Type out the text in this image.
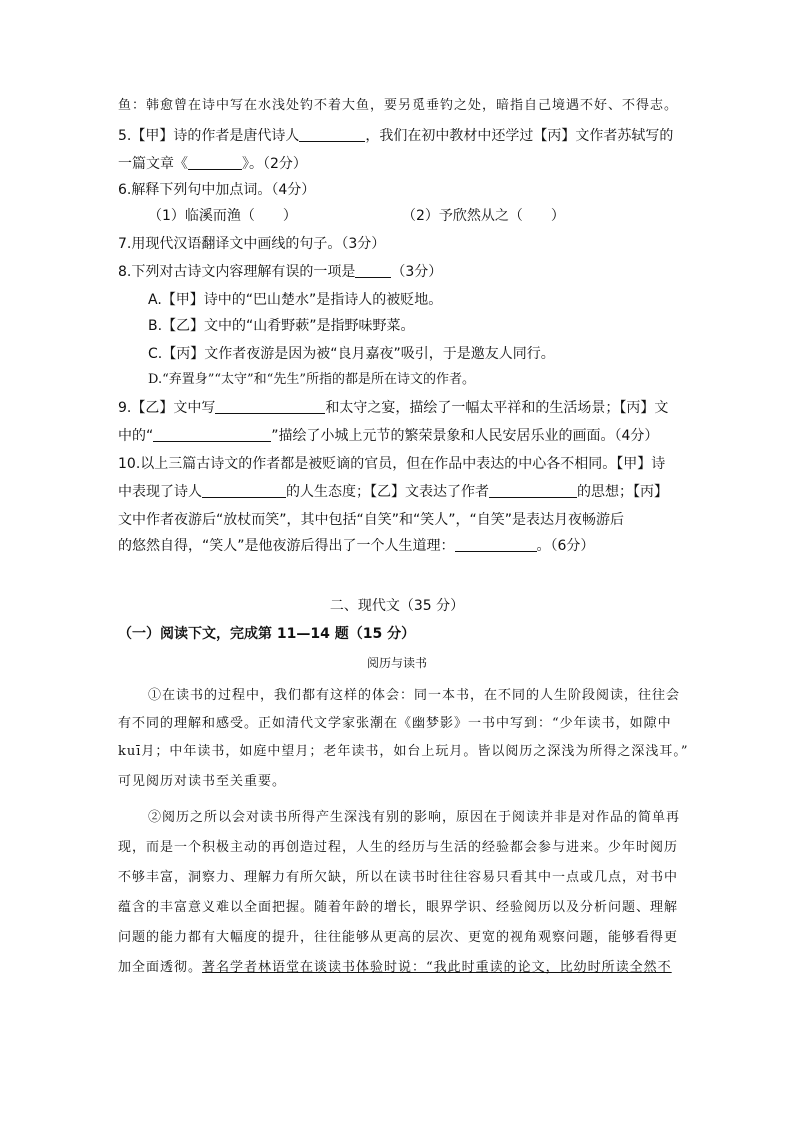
鱼：韩愈曾在诗中写在水浅处钓不着大鱼，要另觅垂钓之处，暗指自己境遇不好、不得志。
5.【甲】诗的作者是唐代诗人	，我们在初中教材中还学过【丙】文作者苏轼写的
一篇文章《	》。（2分）
6.解释下列句中加点词。（4分）
（1）临溪而渔（　　）	（2）予欣然从之（　　）
7.用现代汉语翻译文中画线的句子。（3分）
8.下列对古诗文内容理解有误的一项是	（3分）
A.【甲】诗中的“巴山楚水”是指诗人的被贬地。
B.【乙】文中的“山肴野蔌”是指野味野菜。
C.【丙】文作者夜游是因为被“良月嘉夜”吸引，于是邀友人同行。
D.“弃置身”“太守”和“先生”所指的都是所在诗文的作者。
9.【乙】文中写	和太守之宴，描绘了一幅太平祥和的生活场景；【丙】文
中的“	”描绘了小城上元节的繁荣景象和人民安居乐业的画面。（4分）
10.以上三篇古诗文的作者都是被贬谪的官员，但在作品中表达的中心各不相同。【甲】诗
中表现了诗人	的人生态度；【乙】文表达了作者	的思想；【丙】
文中作者夜游后“放杖而笑”，其中包括“自笑”和“笑人”，“自笑”是表达月夜畅游后
的悠然自得，“笑人”是他夜游后得出了一个人生道理：	。（6分）
二、现代文（35 分）
（一）阅读下文，完成第 11—14 题（15 分）
阅历与读书
①在读书的过程中，我们都有这样的体会：同一本书，在不同的人生阶段阅读，往往会
有不同的理解和感受。正如清代文学家张潮在《幽梦影》一书中写到：“少年读书，如隙中
kuī月；中年读书，如庭中望月；老年读书，如台上玩月。皆以阅历之深浅为所得之深浅耳。”
可见阅历对读书至关重要。
②阅历之所以会对读书所得产生深浅有别的影响，原因在于阅读并非是对作品的简单再
现，而是一个积极主动的再创造过程，人生的经历与生活的经验都会参与进来。少年时阅历
不够丰富，洞察力、理解力有所欠缺，所以在读书时往往容易只看其中一点或几点，对书中
蕴含的丰富意义难以全面把握。随着年龄的增长，眼界学识、经验阅历以及分析问题、理解
问题的能力都有大幅度的提升，往往能够从更高的层次、更宽的视角观察问题，能够看得更
加全面透彻。著名学者林语堂在谈读书体验时说：“我此时重读的论文，比幼时所读全然不
